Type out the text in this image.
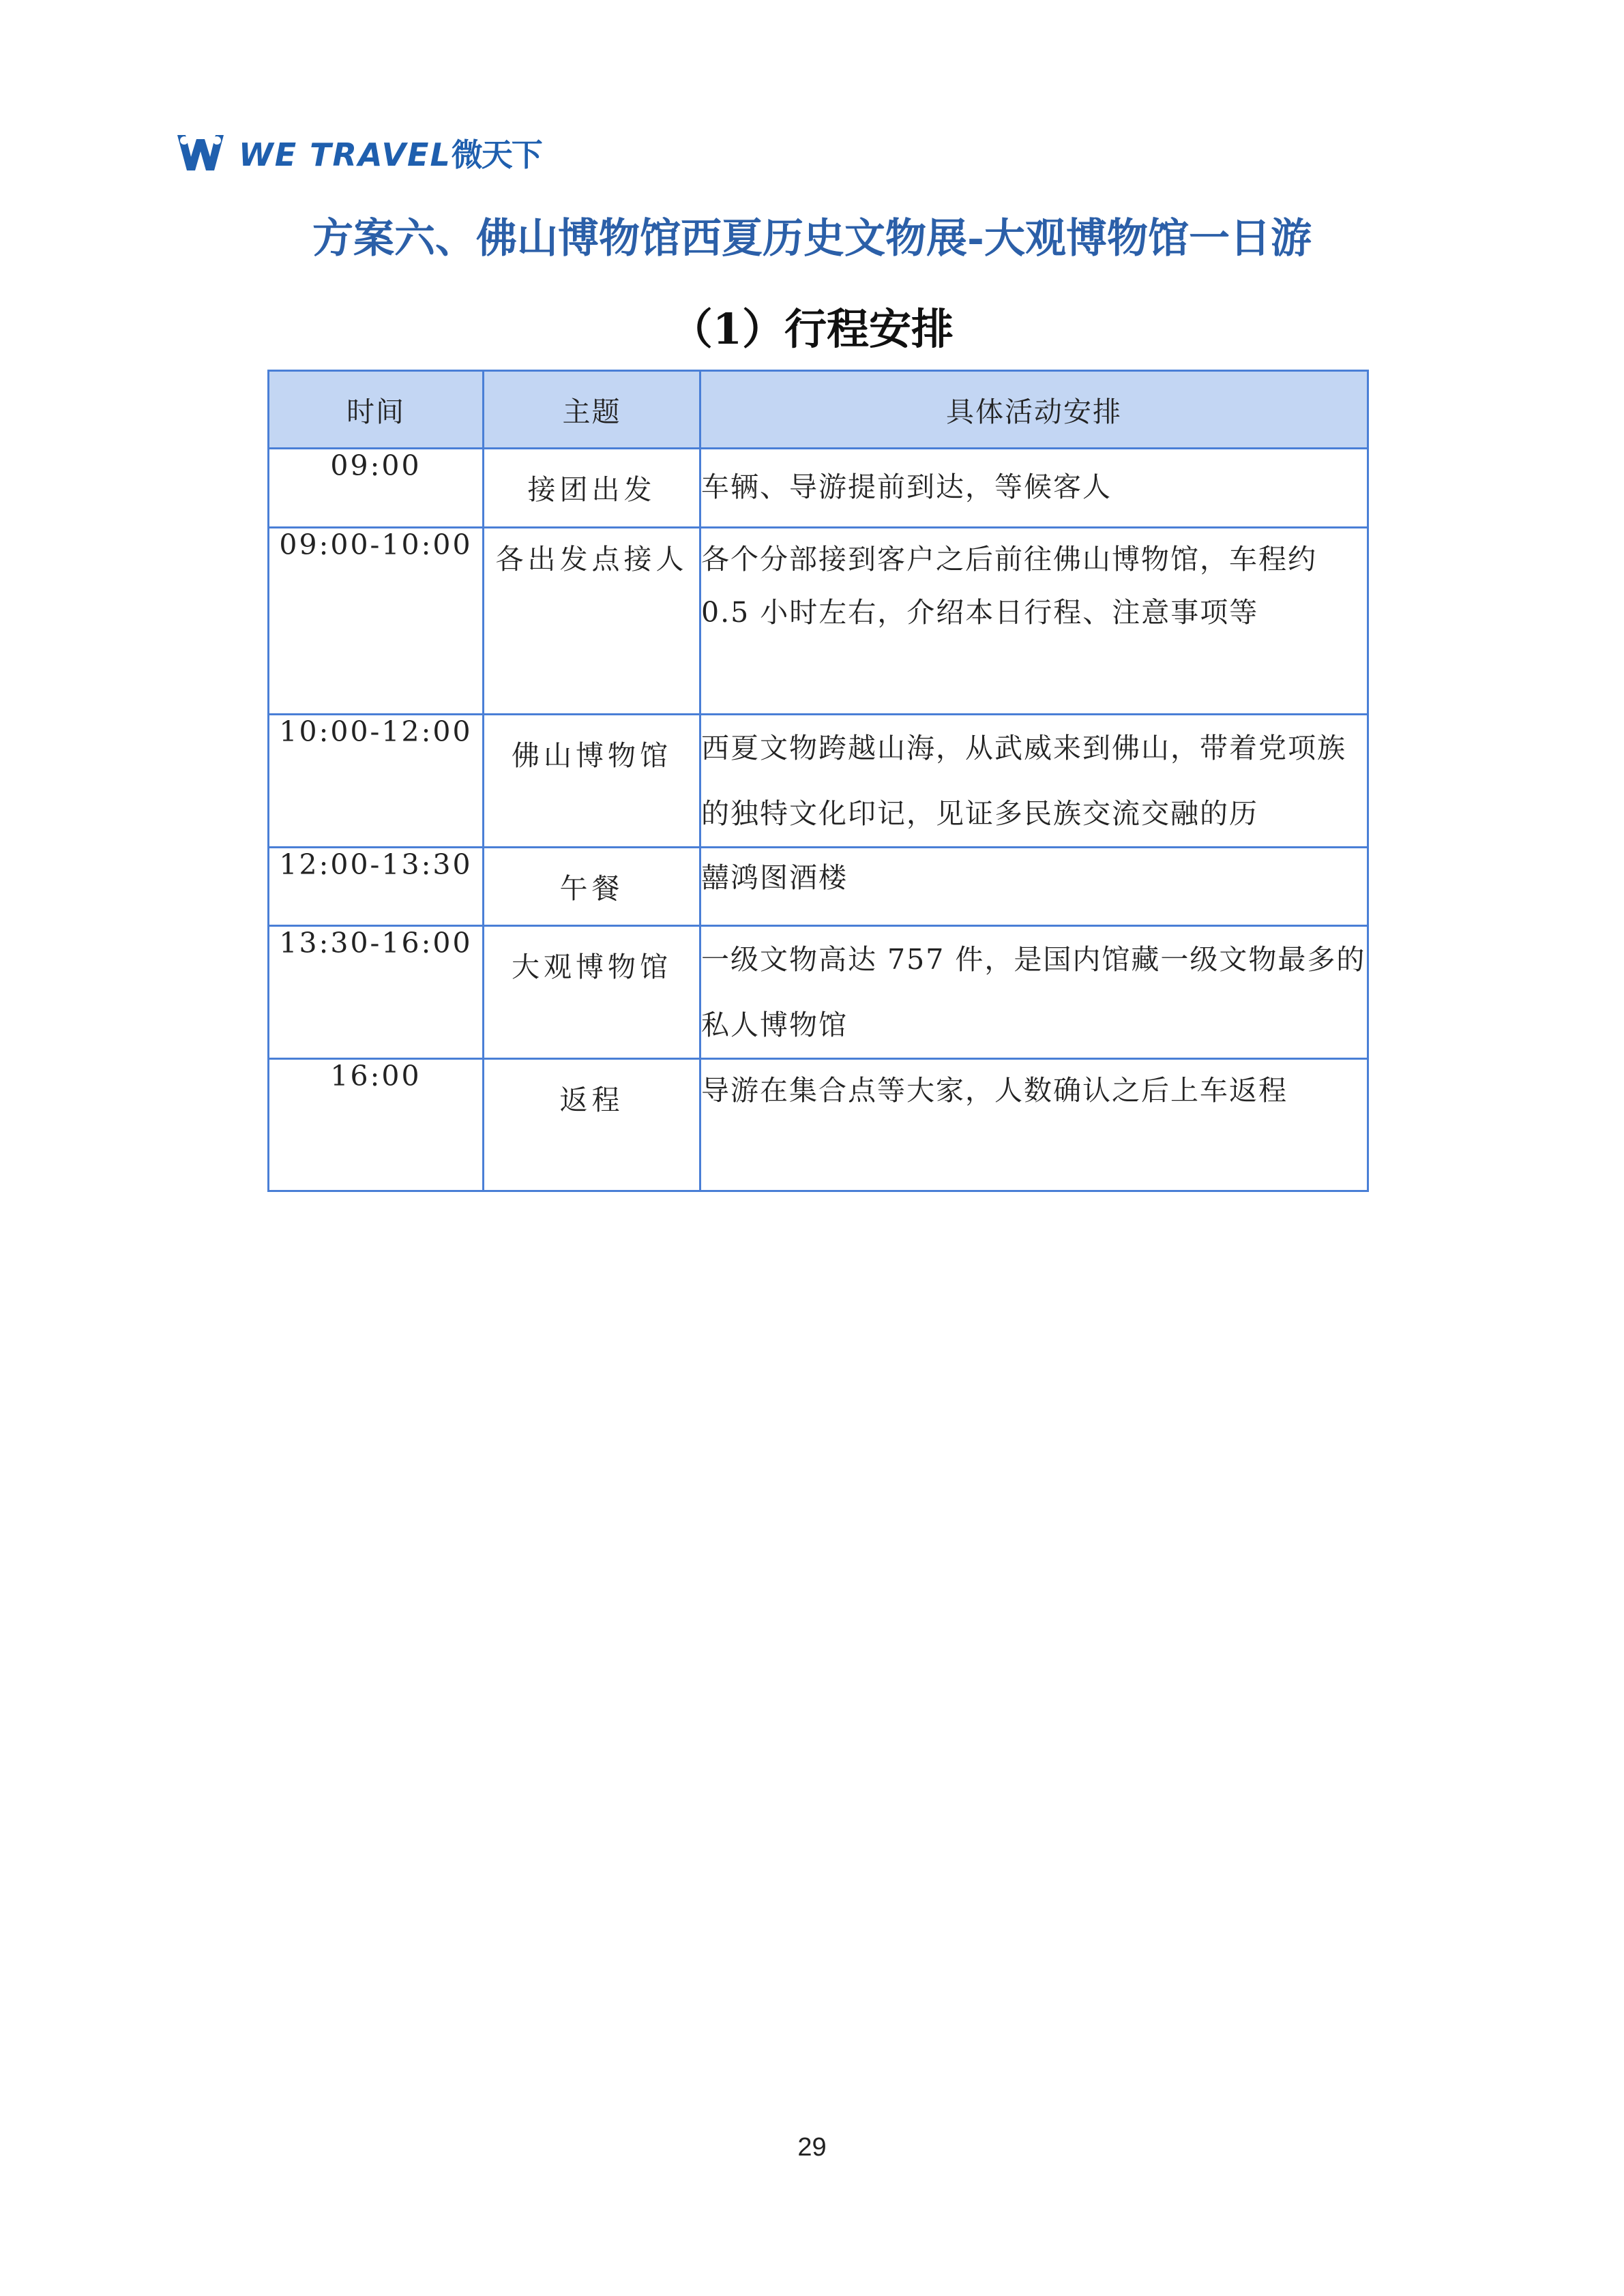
WE TRAVEL微天下
方案六、佛山博物馆西夏历史文物展-大观博物馆一日游
（1）行程安排
时间	主题	具体活动安排
09:00	接团出发	车辆、导游提前到达，等候客人
09:00-10:00	各出发点接人	各个分部接到客户之后前往佛山博物馆，车程约 0.5 小时左右，介绍本日行程、注意事项等
10:00-12:00	佛山博物馆	西夏文物跨越山海，从武威来到佛山，带着党项族的独特文化印记，见证多民族交流交融的历
12:00-13:30	午餐	囍鸿图酒楼
13:30-16:00	大观博物馆	一级文物高达 757 件，是国内馆藏一级文物最多的私人博物馆
16:00	返程	导游在集合点等大家，人数确认之后上车返程
29
